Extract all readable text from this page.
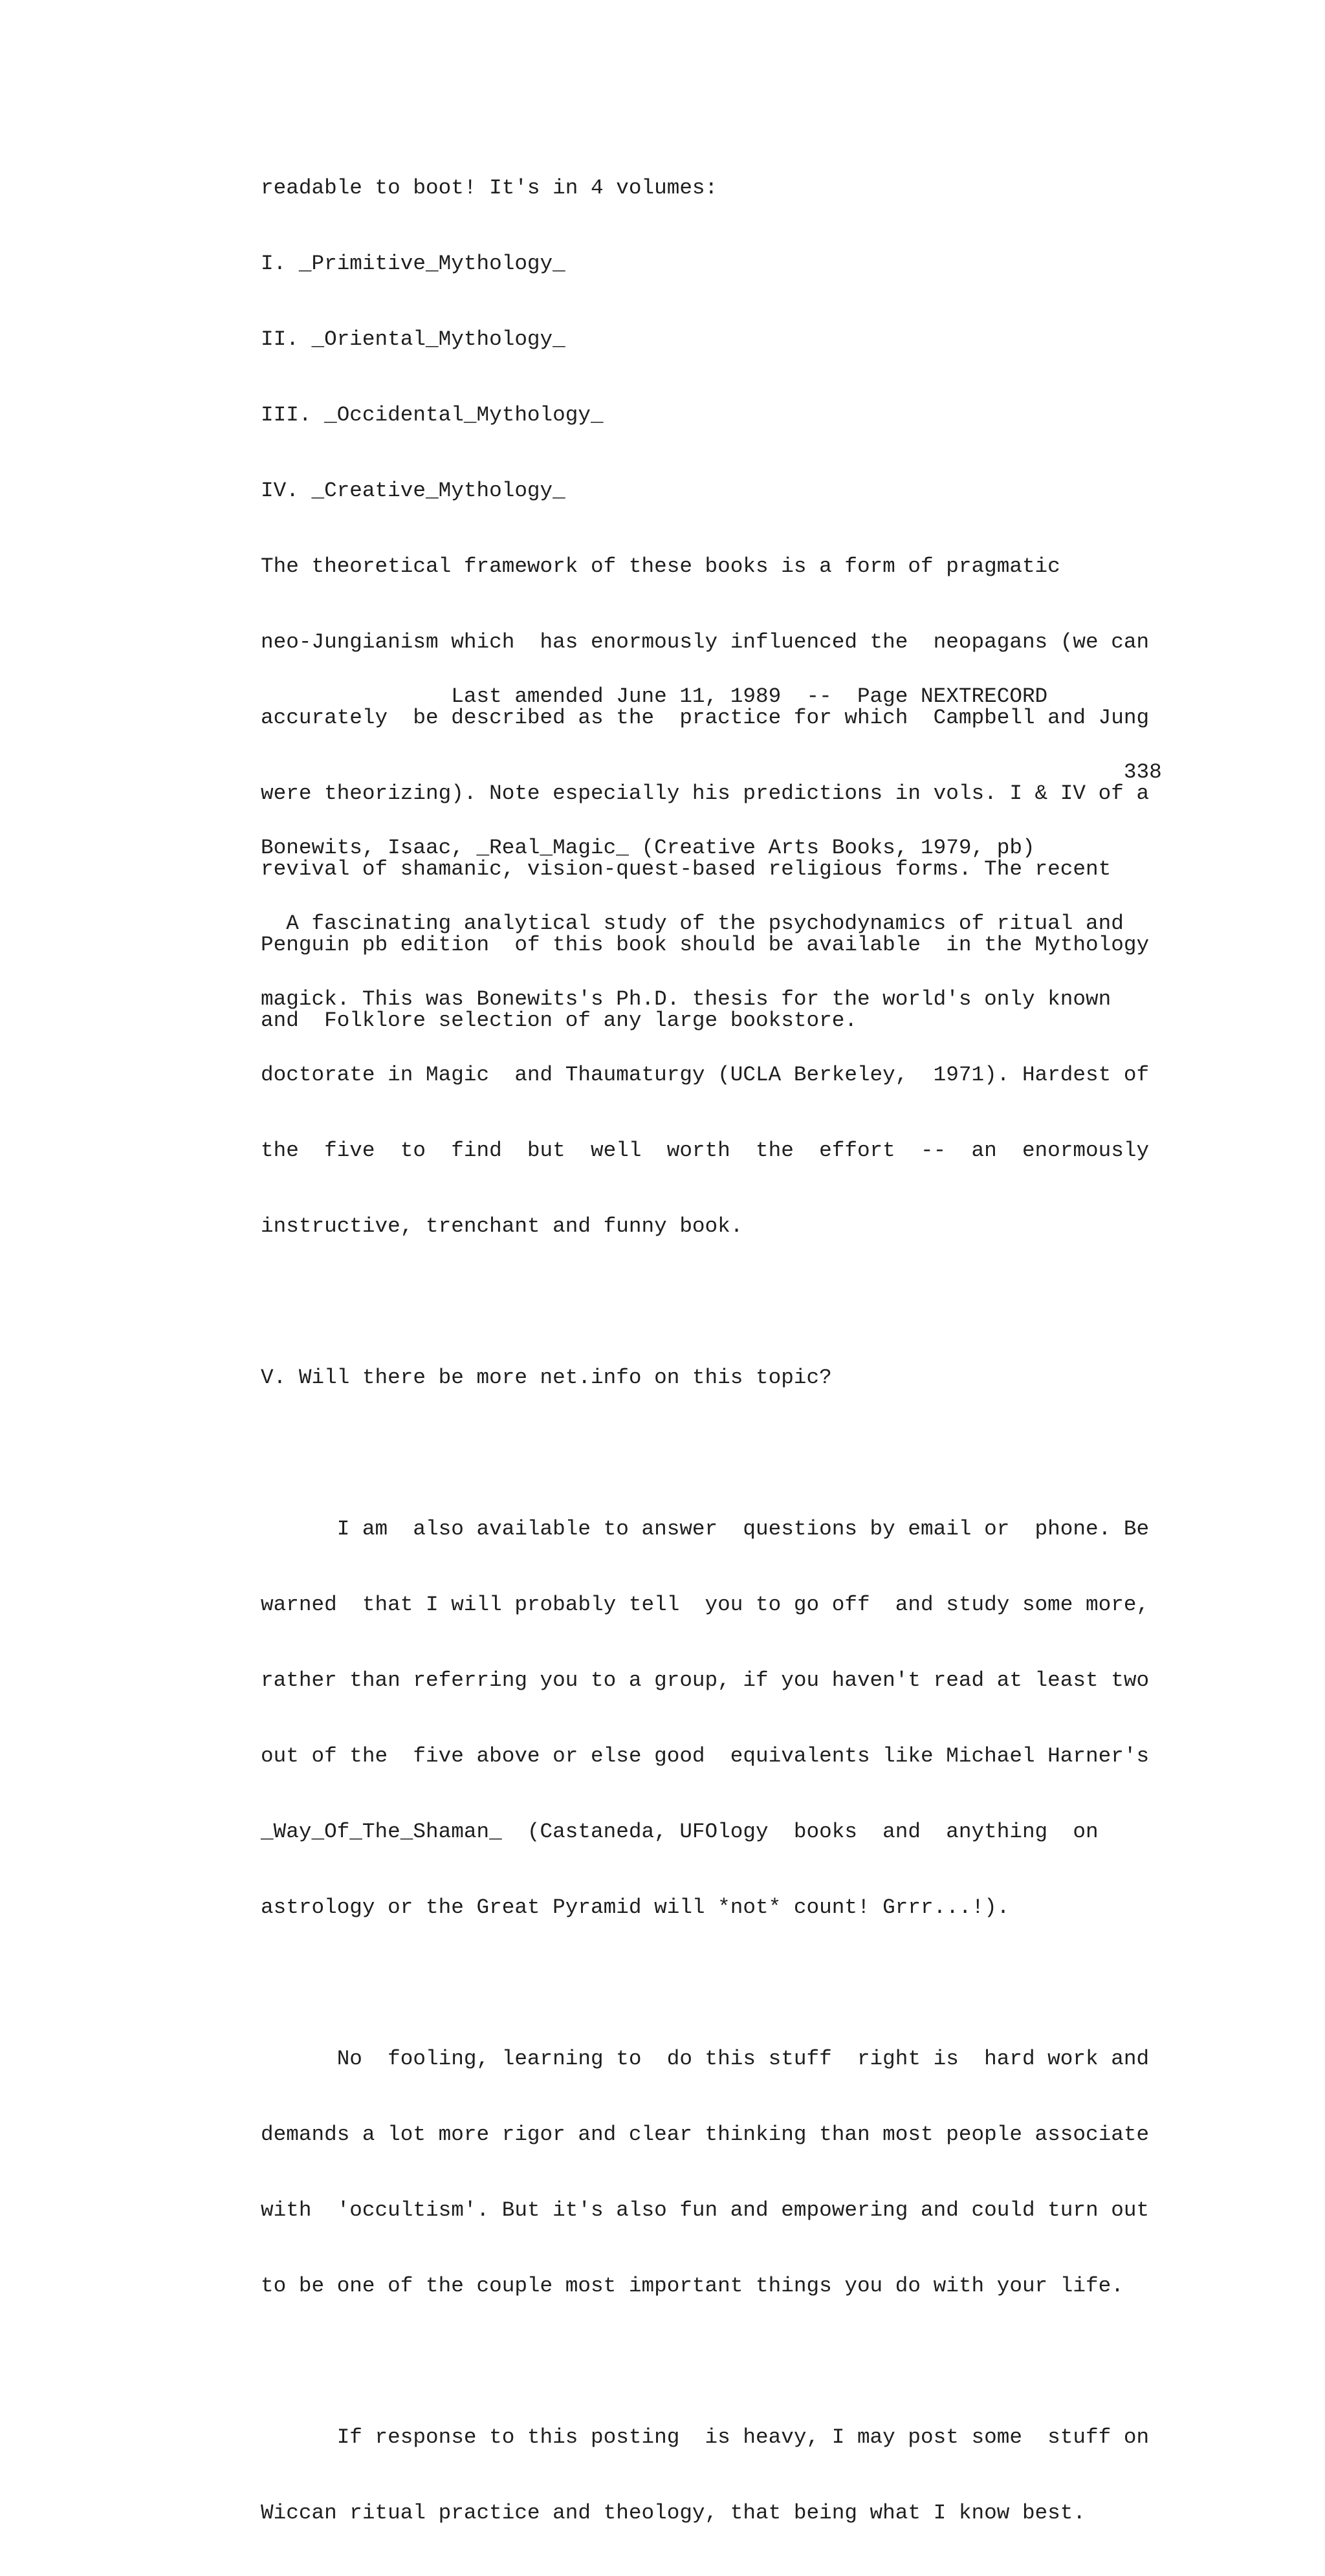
readable to boot! It's in 4 volumes:

I. _Primitive_Mythology_

II. _Oriental_Mythology_

III. _Occidental_Mythology_

IV. _Creative_Mythology_

The theoretical framework of these books is a form of pragmatic

neo-Jungianism which  has enormously influenced the  neopagans (we can

accurately  be described as the  practice for which  Campbell and Jung

were theorizing). Note especially his predictions in vols. I & IV of a

revival of shamanic, vision-quest-based religious forms. The recent

Penguin pb edition  of this book should be available  in the Mythology

and  Folklore selection of any large bookstore.

Last amended June 11, 1989  --  Page NEXTRECORD

338

Bonewits, Isaac, _Real_Magic_ (Creative Arts Books, 1979, pb)

A fascinating analytical study of the psychodynamics of ritual and

magick. This was Bonewits's Ph.D. thesis for the world's only known

doctorate in Magic  and Thaumaturgy (UCLA Berkeley,  1971). Hardest of

the  five  to  find  but  well  worth  the  effort  --  an  enormously

instructive, trenchant and funny book.

V. Will there be more net.info on this topic?

I am  also available to answer  questions by email or  phone. Be

warned  that I will probably tell  you to go off  and study some more,

rather than referring you to a group, if you haven't read at least two

out of the  five above or else good  equivalents like Michael Harner's

_Way_Of_The_Shaman_  (Castaneda, UFOlogy  books  and  anything  on

astrology or the Great Pyramid will *not* count! Grrr...!).

No  fooling, learning to  do this stuff  right is  hard work and

demands a lot more rigor and clear thinking than most people associate

with  'occultism'. But it's also fun and empowering and could turn out

to be one of the couple most important things you do with your life.

If response to this posting  is heavy, I may post some  stuff on

Wiccan ritual practice and theology, that being what I know best.
